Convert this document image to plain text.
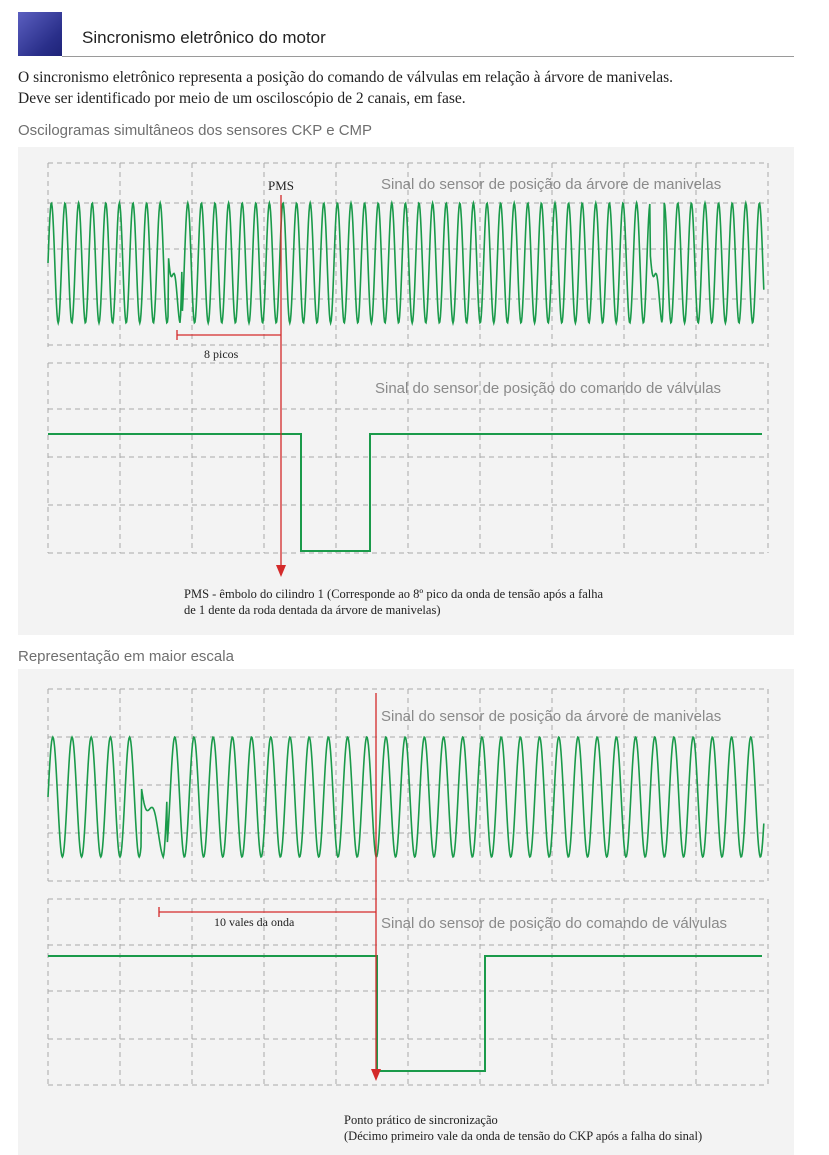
Sincronismo eletrônico do motor
O sincronismo eletrônico representa a posição do comando de válvulas em relação à árvore de manivelas.
Deve ser identificado por meio de um osciloscópio de 2 canais, em fase.
Oscilogramas simultâneos dos sensores CKP e CMP
Sinal do sensor de posição da árvore de manivelas
Sinal do sensor de posição do comando de válvulas
PMS
8 picos
PMS - êmbolo do cilindro 1 (Corresponde ao 8º pico da onda de tensão após a falha
de 1 dente da roda dentada da árvore de manivelas)
Representação em maior escala
Sinal do sensor de posição da árvore de manivelas
Sinal do sensor de posição do comando de válvulas
10 vales da onda
Ponto prático de sincronização
(Décimo primeiro vale da onda de tensão do CKP após a falha do sinal)
